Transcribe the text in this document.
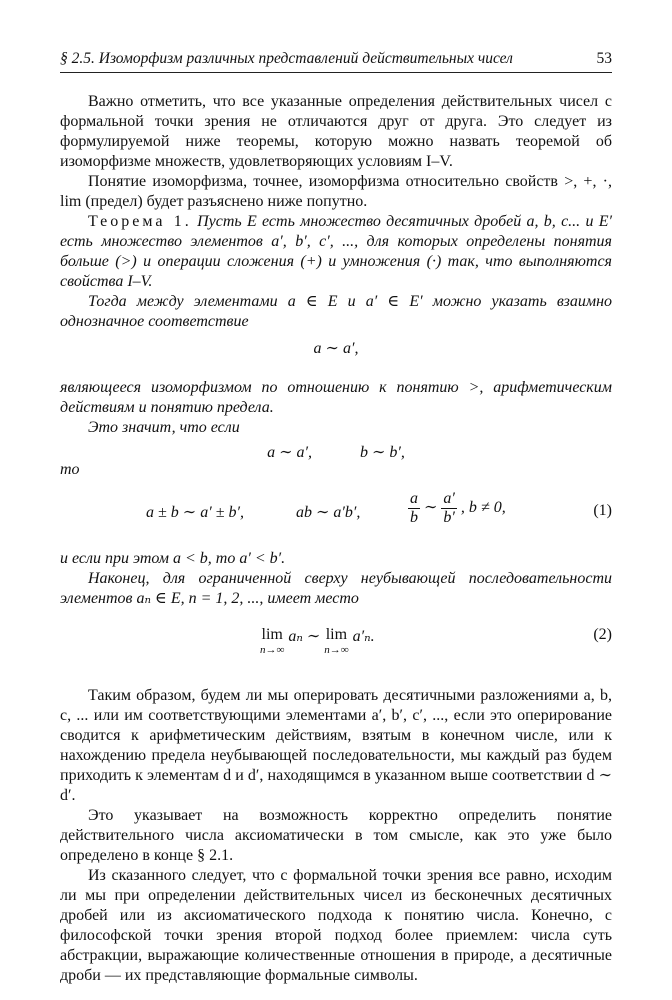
§ 2.5. Изоморфизм различных представлений действительных чисел	53

Важно отметить, что все указанные определения действительных чисел с формальной точки зрения не отличаются друг от друга. Это следует из формулируемой ниже теоремы, которую можно назвать теоремой об изоморфизме множеств, удовлетворяющих условиям I–V.

Понятие изоморфизма, точнее, изоморфизма относительно свойств >, +, ·, lim (предел) будет разъяснено ниже попутно.

Теорема 1. Пусть E есть множество десятичных дробей a, b, c... и E′ есть множество элементов a′, b′, c′, ..., для которых определены понятия больше (>) и операции сложения (+) и умножения (·) так, что выполняются свойства I–V.

Тогда между элементами a ∈ E и a′ ∈ E′ можно указать взаимно однозначное соответствие

a ∼ a′,

являющееся изоморфизмом по отношению к понятию >, арифметическим действиям и понятию предела.

Это значит, что если

a ∼ a′,	b ∼ b′,
то
a ± b ∼ a′ ± b′,	ab ∼ a′b′,	$\frac{a}{b}$ ∼ $\frac{a'}{b'}$ , b ≠ 0,	(1)

и если при этом a < b, то a′ < b′.

Наконец, для ограниченной сверху неубывающей последовательности элементов aₙ ∈ E, n = 1, 2, ..., имеет место

lim
n→∞
aₙ ∼ lim
n→∞
a′ₙ.	(2)

Таким образом, будем ли мы оперировать десятичными разложениями a, b, c, ... или им соответствующими элементами a′, b′, c′, ..., если это оперирование сводится к арифметическим действиям, взятым в конечном числе, или к нахождению предела неубывающей последовательности, мы каждый раз будем приходить к элементам d и d′, находящимся в указанном выше соответствии d ∼ d′.

Это указывает на возможность корректно определить понятие действительного числа аксиоматически в том смысле, как это уже было определено в конце § 2.1.

Из сказанного следует, что с формальной точки зрения все равно, исходим ли мы при определении действительных чисел из бесконечных десятичных дробей или из аксиоматического подхода к понятию числа. Конечно, с философской точки зрения второй подход более приемлем: числа суть абстракции, выражающие количественные отношения в природе, а десятичные дроби — их представляющие формальные символы.
